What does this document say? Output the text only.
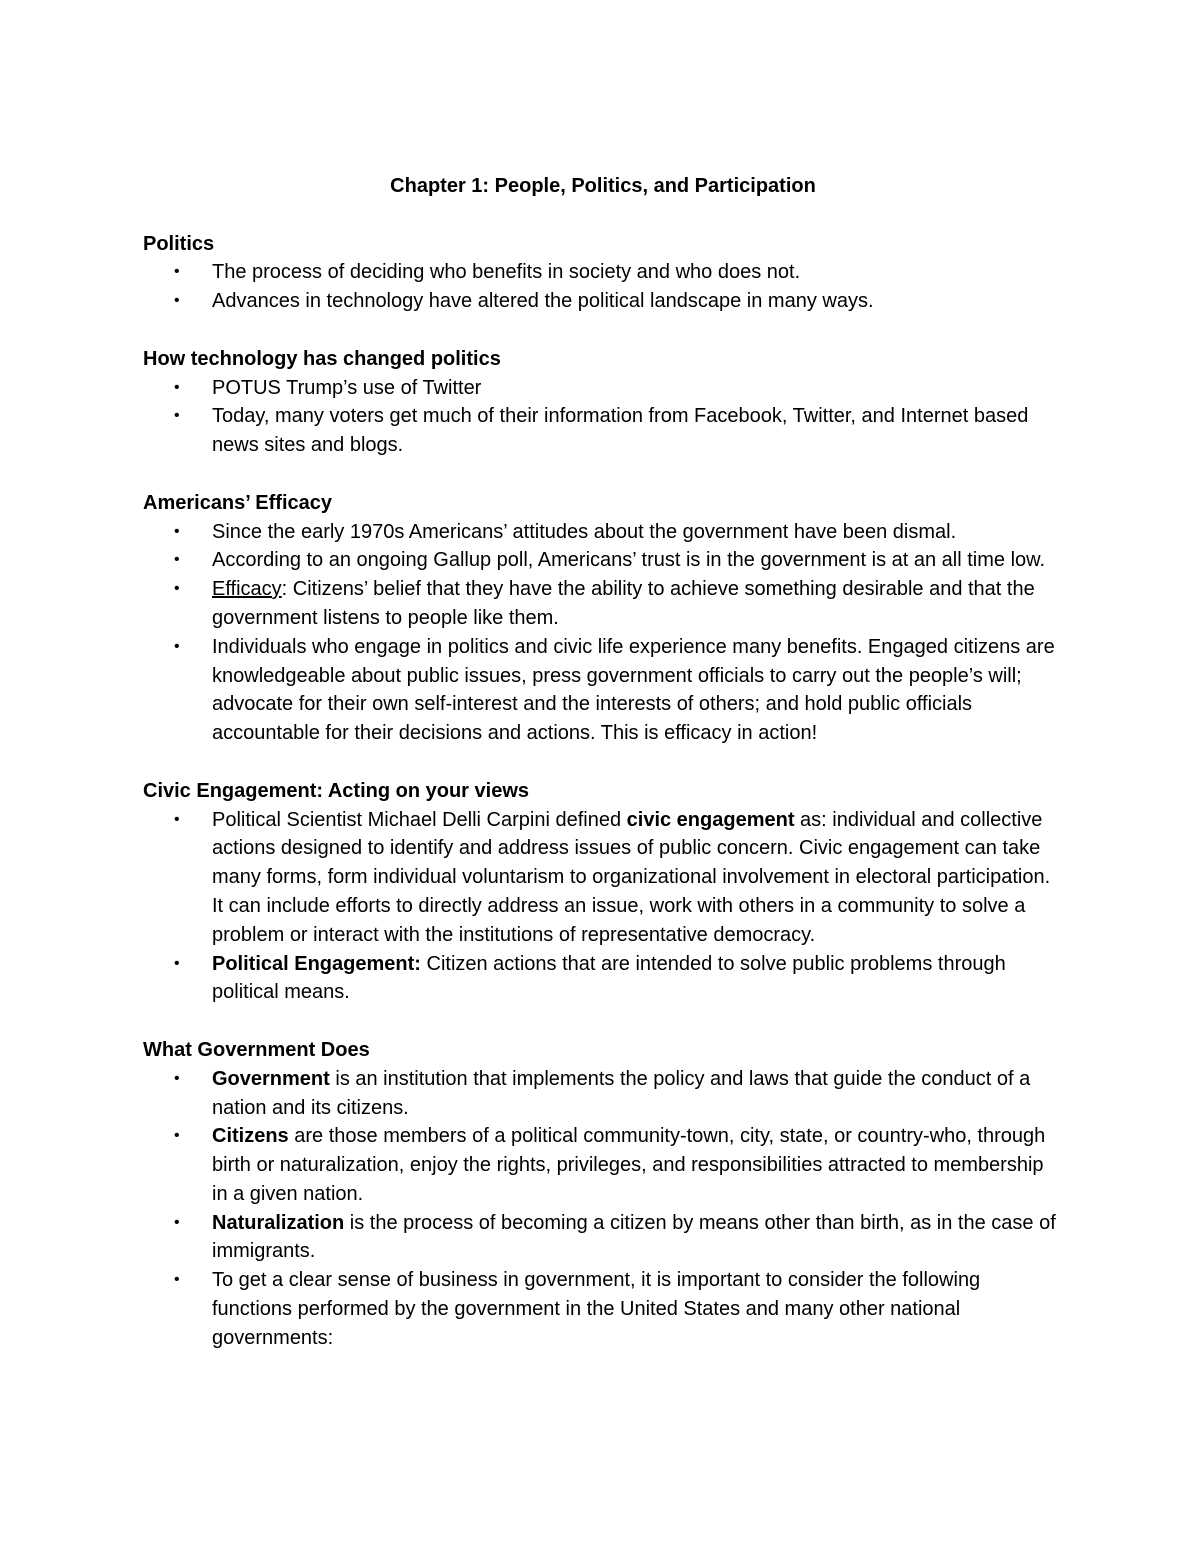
Chapter 1: People, Politics, and Participation
Politics
• The process of deciding who benefits in society and who does not.
• Advances in technology have altered the political landscape in many ways.
How technology has changed politics
• POTUS Trump’s use of Twitter
• Today, many voters get much of their information from Facebook, Twitter, and Internet based news sites and blogs.
Americans’ Efficacy
• Since the early 1970s Americans’ attitudes about the government have been dismal.
• According to an ongoing Gallup poll, Americans’ trust is in the government is at an all time low.
• Efficacy: Citizens’ belief that they have the ability to achieve something desirable and that the government listens to people like them.
• Individuals who engage in politics and civic life experience many benefits. Engaged citizens are knowledgeable about public issues, press government officials to carry out the people’s will; advocate for their own self-interest and the interests of others; and hold public officials accountable for their decisions and actions. This is efficacy in action!
Civic Engagement: Acting on your views
• Political Scientist Michael Delli Carpini defined civic engagement as: individual and collective actions designed to identify and address issues of public concern. Civic engagement can take many forms, form individual voluntarism to organizational involvement in electoral participation. It can include efforts to directly address an issue, work with others in a community to solve a problem or interact with the institutions of representative democracy.
• Political Engagement: Citizen actions that are intended to solve public problems through political means.
What Government Does
• Government is an institution that implements the policy and laws that guide the conduct of a nation and its citizens.
• Citizens are those members of a political community-town, city, state, or country-who, through birth or naturalization, enjoy the rights, privileges, and responsibilities attracted to membership in a given nation.
• Naturalization is the process of becoming a citizen by means other than birth, as in the case of immigrants.
• To get a clear sense of business in government, it is important to consider the following functions performed by the government in the United States and many other national governments:
